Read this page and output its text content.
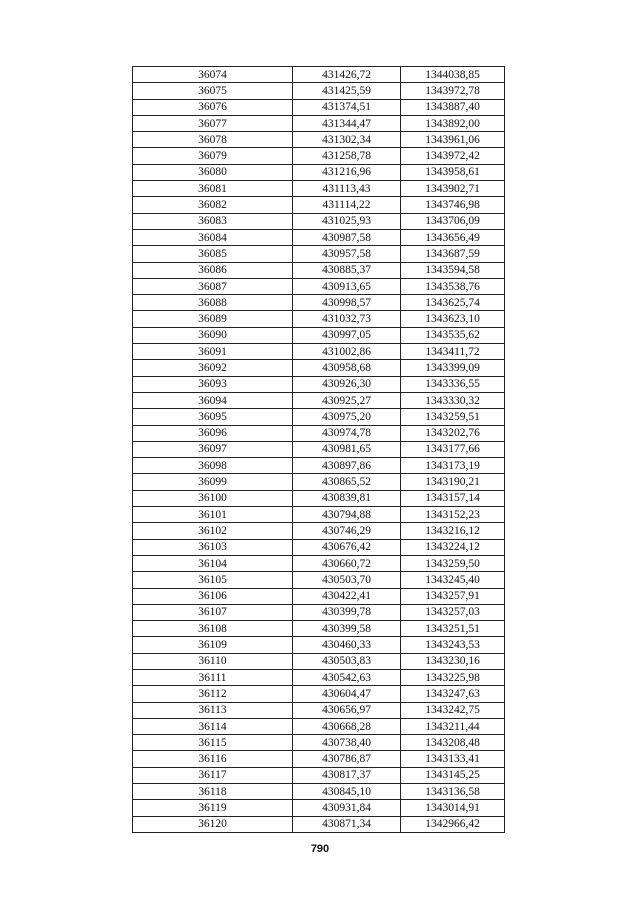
36074	431426,72	1344038,85
36075	431425,59	1343972,78
36076	431374,51	1343887,40
36077	431344,47	1343892,00
36078	431302,34	1343961,06
36079	431258,78	1343972,42
36080	431216,96	1343958,61
36081	431113,43	1343902,71
36082	431114,22	1343746,98
36083	431025,93	1343706,09
36084	430987,58	1343656,49
36085	430957,58	1343687,59
36086	430885,37	1343594,58
36087	430913,65	1343538,76
36088	430998,57	1343625,74
36089	431032,73	1343623,10
36090	430997,05	1343535,62
36091	431002,86	1343411,72
36092	430958,68	1343399,09
36093	430926,30	1343336,55
36094	430925,27	1343330,32
36095	430975,20	1343259,51
36096	430974,78	1343202,76
36097	430981,65	1343177,66
36098	430897,86	1343173,19
36099	430865,52	1343190,21
36100	430839,81	1343157,14
36101	430794,88	1343152,23
36102	430746,29	1343216,12
36103	430676,42	1343224,12
36104	430660,72	1343259,50
36105	430503,70	1343245,40
36106	430422,41	1343257,91
36107	430399,78	1343257,03
36108	430399,58	1343251,51
36109	430460,33	1343243,53
36110	430503,83	1343230,16
36111	430542,63	1343225,98
36112	430604,47	1343247,63
36113	430656,97	1343242,75
36114	430668,28	1343211,44
36115	430738,40	1343208,48
36116	430786,87	1343133,41
36117	430817,37	1343145,25
36118	430845,10	1343136,58
36119	430931,84	1343014,91
36120	430871,34	1342966,42
790
